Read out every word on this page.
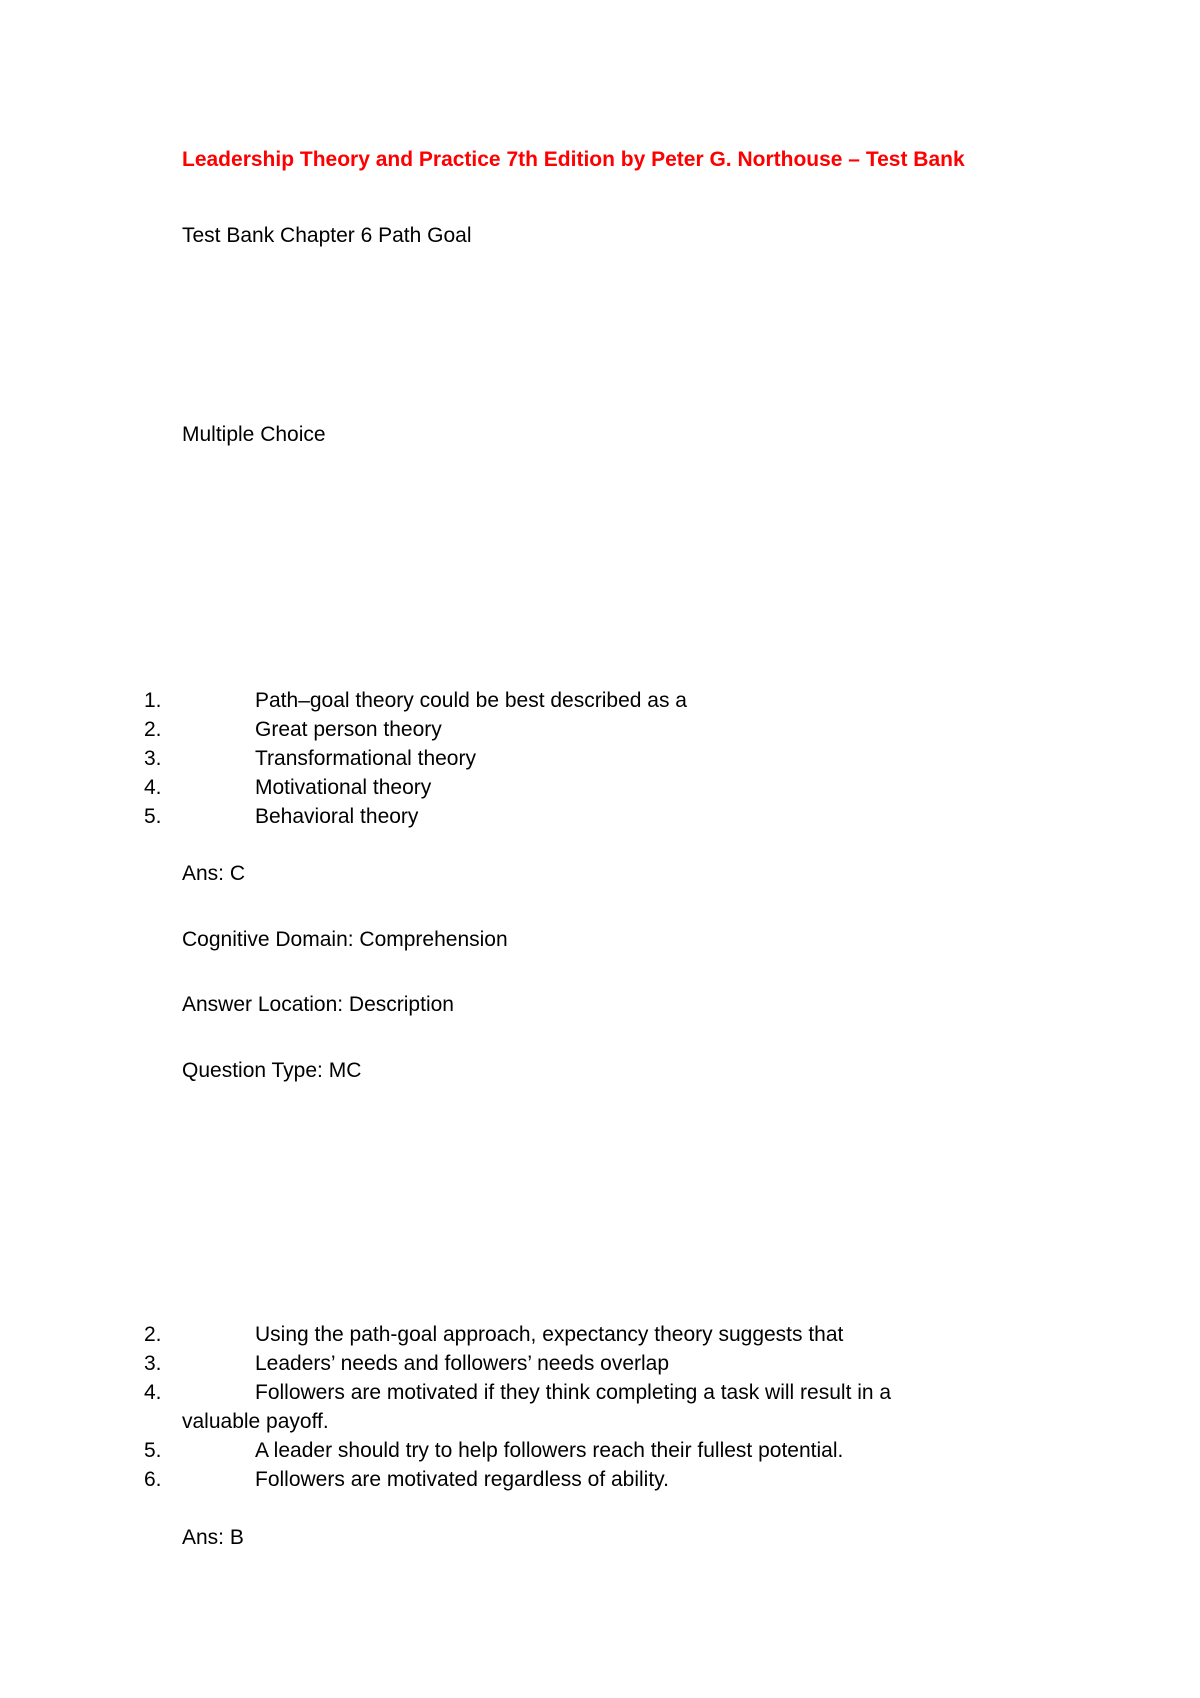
Leadership Theory and Practice 7th Edition by Peter G. Northouse – Test Bank
Test Bank Chapter 6 Path Goal
Multiple Choice
1.	Path–goal theory could be best described as a
2.	Great person theory
3.	Transformational theory
4.	Motivational theory
5.	Behavioral theory
Ans: C
Cognitive Domain: Comprehension
Answer Location: Description
Question Type: MC
2.	Using the path-goal approach, expectancy theory suggests that
3.	Leaders’ needs and followers’ needs overlap
4.	Followers are motivated if they think completing a task will result in a
valuable payoff.
5.	A leader should try to help followers reach their fullest potential.
6.	Followers are motivated regardless of ability.
Ans: B
